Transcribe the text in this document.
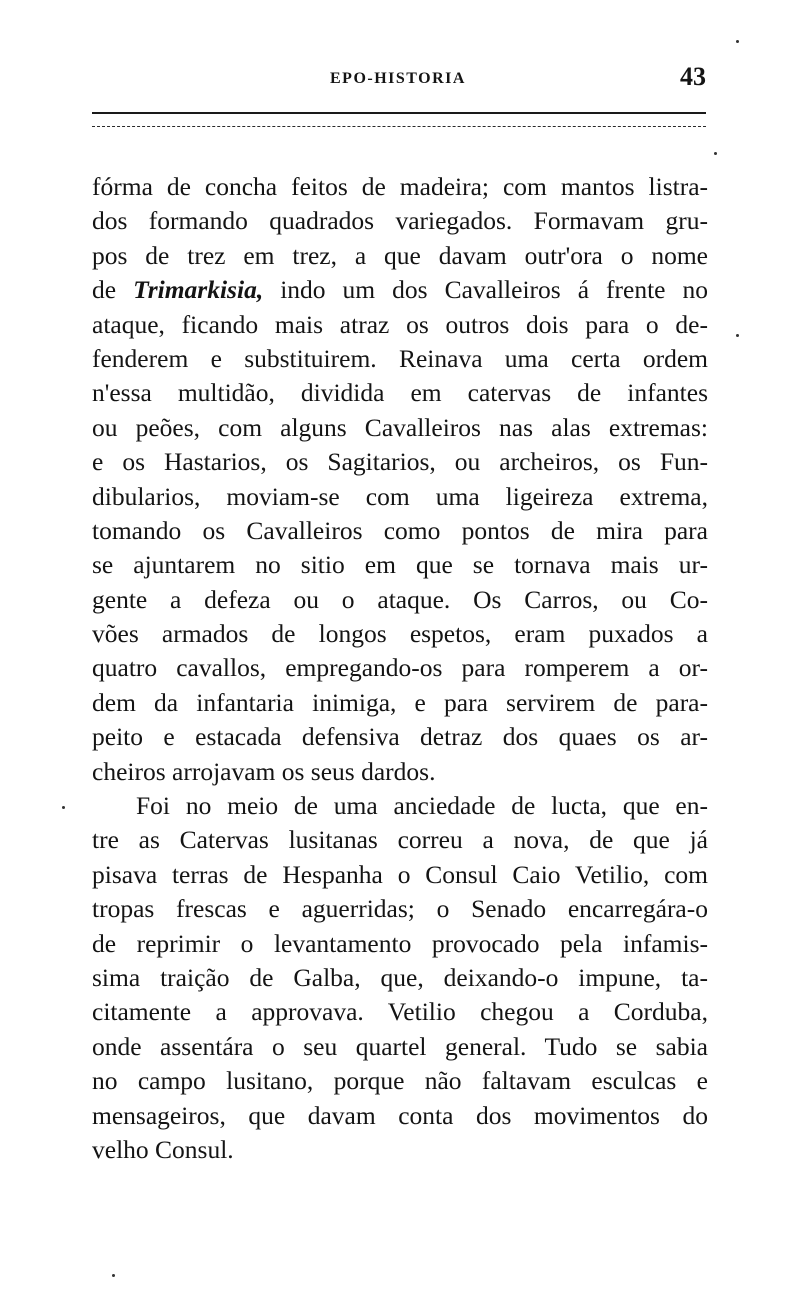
EPO-HISTORIA	43
fórma de concha feitos de madeira; com mantos listra-
dos formando quadrados variegados. Formavam gru-
pos de trez em trez, a que davam outr'ora o nome
de Trimarkisia, indo um dos Cavalleiros á frente no
ataque, ficando mais atraz os outros dois para o de-
fenderem e substituirem. Reinava uma certa ordem
n'essa multidão, dividida em catervas de infantes
ou peões, com alguns Cavalleiros nas alas extremas:
e os Hastarios, os Sagitarios, ou archeiros, os Fun-
dibularios, moviam-se com uma ligeireza extrema,
tomando os Cavalleiros como pontos de mira para
se ajuntarem no sitio em que se tornava mais ur-
gente a defeza ou o ataque. Os Carros, ou Co-
vões armados de longos espetos, eram puxados a
quatro cavallos, empregando-os para romperem a or-
dem da infantaria inimiga, e para servirem de para-
peito e estacada defensiva detraz dos quaes os ar-
cheiros arrojavam os seus dardos.
Foi no meio de uma anciedade de lucta, que en-
tre as Catervas lusitanas correu a nova, de que já
pisava terras de Hespanha o Consul Caio Vetilio, com
tropas frescas e aguerridas; o Senado encarregára-o
de reprimir o levantamento provocado pela infamis-
sima traição de Galba, que, deixando-o impune, ta-
citamente a approvava. Vetilio chegou a Corduba,
onde assentára o seu quartel general. Tudo se sabia
no campo lusitano, porque não faltavam esculcas e
mensageiros, que davam conta dos movimentos do
velho Consul.
